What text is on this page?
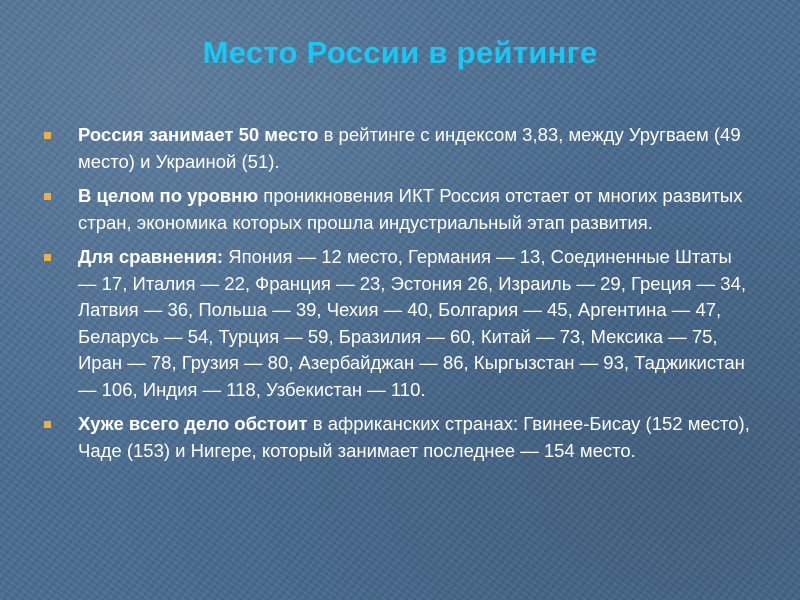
Место России в рейтинге
Россия занимает 50 место в рейтинге с индексом 3,83, между Уругваем (49 место) и Украиной (51).
В целом по уровню проникновения ИКТ Россия отстает от многих развитых стран, экономика которых прошла индустриальный этап развития.
Для сравнения: Япония — 12 место, Германия — 13, Соединенные Штаты — 17, Италия — 22, Франция — 23, Эстония 26, Израиль — 29, Греция — 34, Латвия — 36, Польша — 39, Чехия — 40, Болгария — 45, Аргентина — 47, Беларусь — 54, Турция — 59, Бразилия — 60, Китай — 73, Мексика — 75, Иран — 78, Грузия — 80, Азербайджан — 86, Кыргызстан — 93, Таджикистан — 106, Индия — 118, Узбекистан — 110.
Хуже всего дело обстоит в африканских странах: Гвинее-Бисау (152 место), Чаде (153) и Нигере, который занимает последнее — 154 место.
